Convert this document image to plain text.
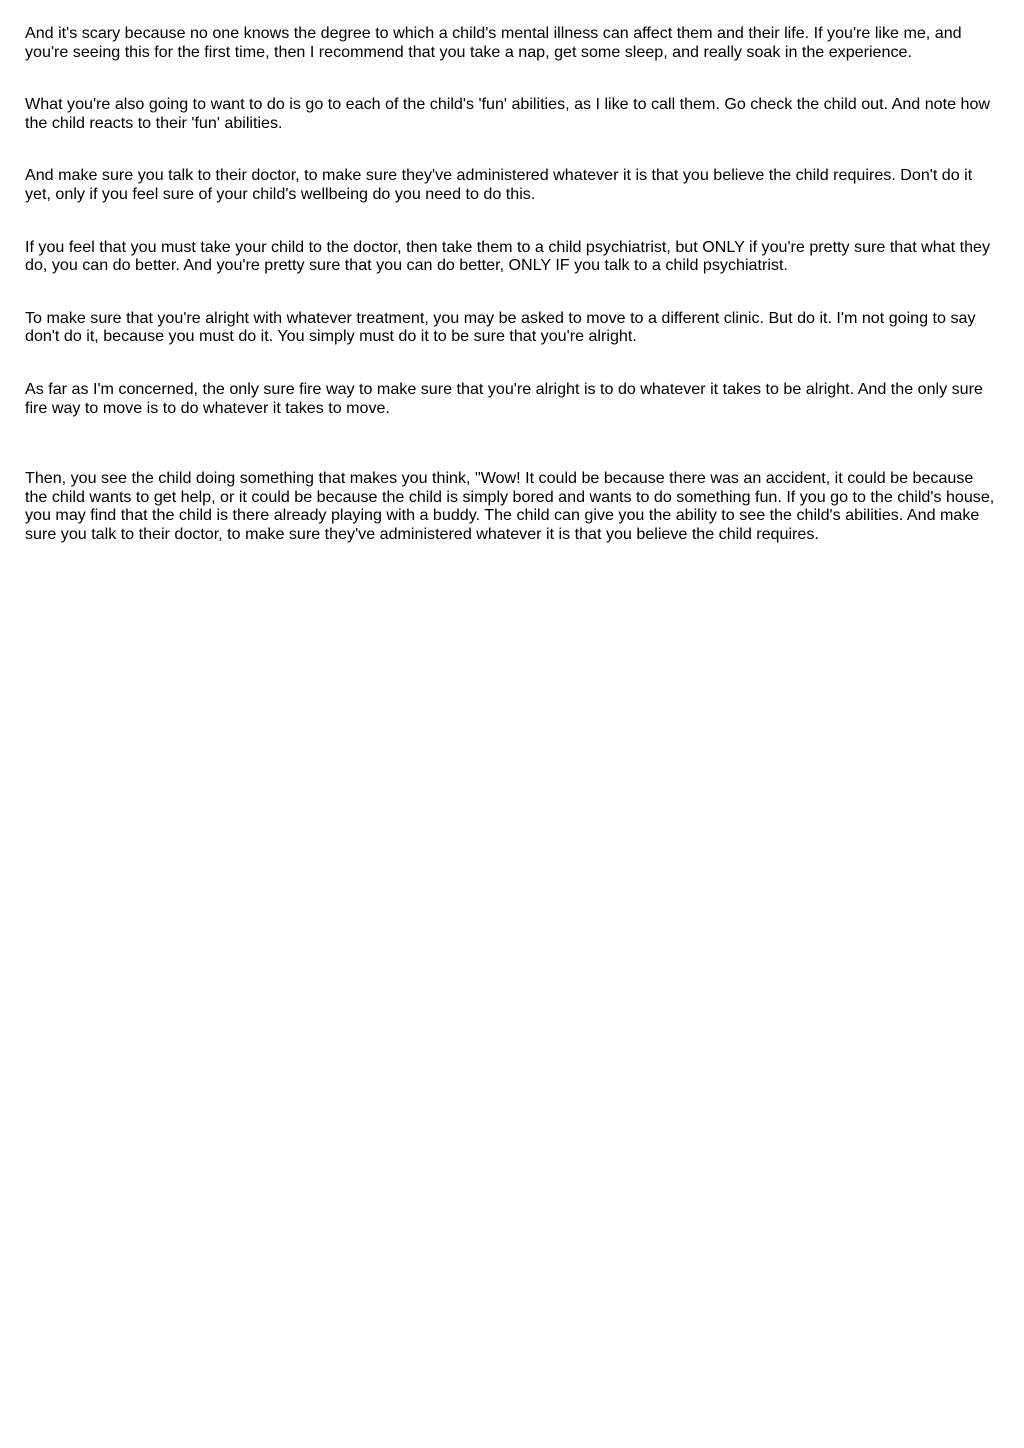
And it's scary because no one knows the degree to which a child's mental illness can affect them and their life. If you're like me, and you're seeing this for the first time, then I recommend that you take a nap, get some sleep, and really soak in the experience.

What you're also going to want to do is go to each of the child's 'fun' abilities, as I like to call them. Go check the child out. And note how the child reacts to their 'fun' abilities.

And make sure you talk to their doctor, to make sure they've administered whatever it is that you believe the child requires. Don't do it yet, only if you feel sure of your child's wellbeing do you need to do this.

If you feel that you must take your child to the doctor, then take them to a child psychiatrist, but ONLY if you're pretty sure that what they do, you can do better. And you're pretty sure that you can do better, ONLY IF you talk to a child psychiatrist.

To make sure that you're alright with whatever treatment, you may be asked to move to a different clinic. But do it. I'm not going to say don't do it, because you must do it. You simply must do it to be sure that you're alright.

As far as I'm concerned, the only sure fire way to make sure that you're alright is to do whatever it takes to be alright. And the only sure fire way to move is to do whatever it takes to move.

Then, you see the child doing something that makes you think, "Wow! It could be because there was an accident, it could be because the child wants to get help, or it could be because the child is simply bored and wants to do something fun. If you go to the child's house, you may find that the child is there already playing with a buddy. The child can give you the ability to see the child's abilities. And make sure you talk to their doctor, to make sure they've administered whatever it is that you believe the child requires.
